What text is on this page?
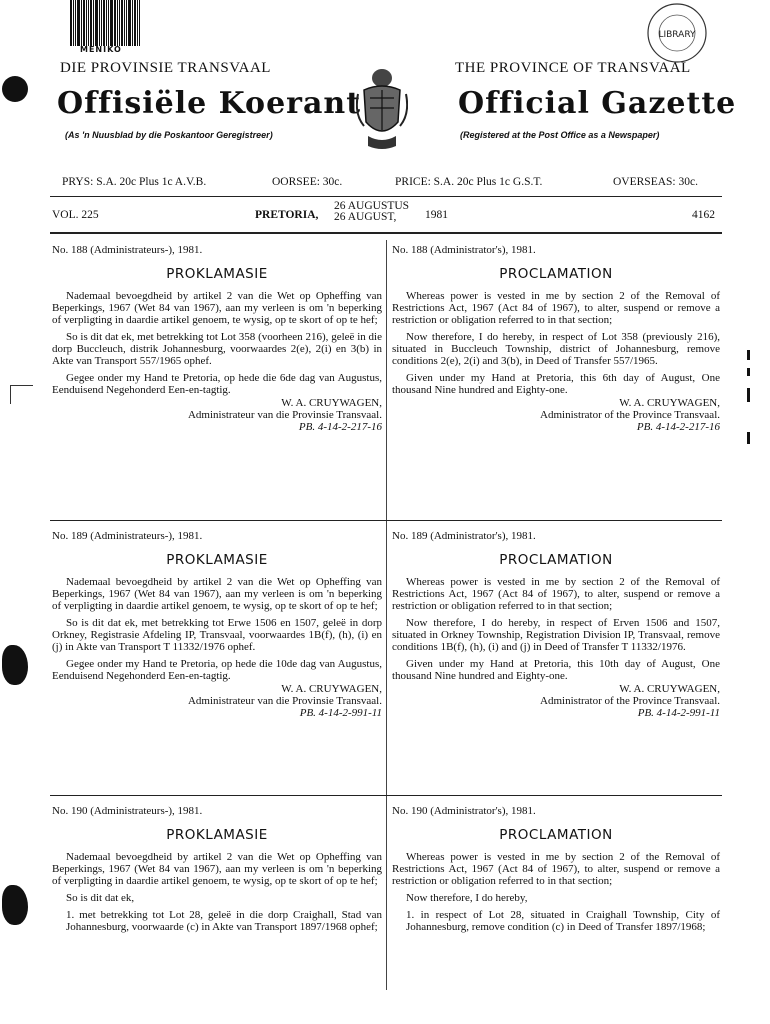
MENIKO
LIBRARY
DIE PROVINSIE TRANSVAAL
Offisiële Koerant
(As 'n Nuusblad by die Poskantoor Geregistreer)
THE PROVINCE OF TRANSVAAL
Official Gazette
(Registered at the Post Office as a Newspaper)
PRYS: S.A. 20c Plus 1c A.V.B.	OORSEE: 30c.	PRICE: S.A. 20c Plus 1c G.S.T.	OVERSEAS: 30c.
VOL. 225	PRETORIA,
26 AUGUSTUS
26 AUGUST,	1981	4162
No. 188 (Administrateurs-), 1981.
PROKLAMASIE

Nademaal bevoegdheid by artikel 2 van die Wet op Opheffing van Beperkings, 1967 (Wet 84 van 1967), aan my verleen is om 'n beperking of verpligting in daardie artikel genoem, te wysig, op te skort of op te hef;

So is dit dat ek, met betrekking tot Lot 358 (voorheen 216), geleë in die dorp Buccleuch, distrik Johannesburg, voorwaardes 2(e), 2(i) en 3(b) in Akte van Transport 557/1965 ophef.

Gegee onder my Hand te Pretoria, op hede die 6de dag van Augustus, Eenduisend Negehonderd Een-en-tagtig.

W. A. CRUYWAGEN,
Administrateur van die Provinsie Transvaal.
PB. 4-14-2-217-16
No. 188 (Administrator's), 1981.
PROCLAMATION

Whereas power is vested in me by section 2 of the Removal of Restrictions Act, 1967 (Act 84 of 1967), to alter, suspend or remove a restriction or obligation referred to in that section;

Now therefore, I do hereby, in respect of Lot 358 (previously 216), situated in Buccleuch Township, district of Johannesburg, remove conditions 2(e), 2(i) and 3(b), in Deed of Transfer 557/1965.

Given under my Hand at Pretoria, this 6th day of August, One thousand Nine hundred and Eighty-one.

W. A. CRUYWAGEN,
Administrator of the Province Transvaal.
PB. 4-14-2-217-16
No. 189 (Administrateurs-), 1981.
PROKLAMASIE

Nademaal bevoegdheid by artikel 2 van die Wet op Opheffing van Beperkings, 1967 (Wet 84 van 1967), aan my verleen is om 'n beperking of verpligting in daardie artikel genoem, te wysig, op te skort of op te hef;

So is dit dat ek, met betrekking tot Erwe 1506 en 1507, geleë in dorp Orkney, Registrasie Afdeling IP, Transvaal, voorwaardes 1B(f), (h), (i) en (j) in Akte van Transport T 11332/1976 ophef.

Gegee onder my Hand te Pretoria, op hede die 10de dag van Augustus, Eenduisend Negehonderd Een-en-tagtig.

W. A. CRUYWAGEN,
Administrateur van die Provinsie Transvaal.
PB. 4-14-2-991-11
No. 189 (Administrator's), 1981.
PROCLAMATION

Whereas power is vested in me by section 2 of the Removal of Restrictions Act, 1967 (Act 84 of 1967), to alter, suspend or remove a restriction or obligation referred to in that section;

Now therefore, I do hereby, in respect of Erven 1506 and 1507, situated in Orkney Township, Registration Division IP, Transvaal, remove conditions 1B(f), (h), (i) and (j) in Deed of Transfer T 11332/1976.

Given under my Hand at Pretoria, this 10th day of August, One thousand Nine hundred and Eighty-one.

W. A. CRUYWAGEN,
Administrator of the Province Transvaal.
PB. 4-14-2-991-11
No. 190 (Administrateurs-), 1981.
PROKLAMASIE

Nademaal bevoegdheid by artikel 2 van die Wet op Opheffing van Beperkings, 1967 (Wet 84 van 1967), aan my verleen is om 'n beperking of verpligting in daardie artikel genoem, te wysig, op te skort of op te hef;

So is dit dat ek,

1. met betrekking tot Lot 28, geleë in die dorp Craighall, Stad van Johannesburg, voorwaarde (c) in Akte van Transport 1897/1968 ophef;

No. 190 (Administrator's), 1981.
PROCLAMATION

Whereas power is vested in me by section 2 of the Removal of Restrictions Act, 1967 (Act 84 of 1967), to alter, suspend or remove a restriction or obligation referred to in that section;

Now therefore, I do hereby,

1. in respect of Lot 28, situated in Craighall Township, City of Johannesburg, remove condition (c) in Deed of Transfer 1897/1968;
